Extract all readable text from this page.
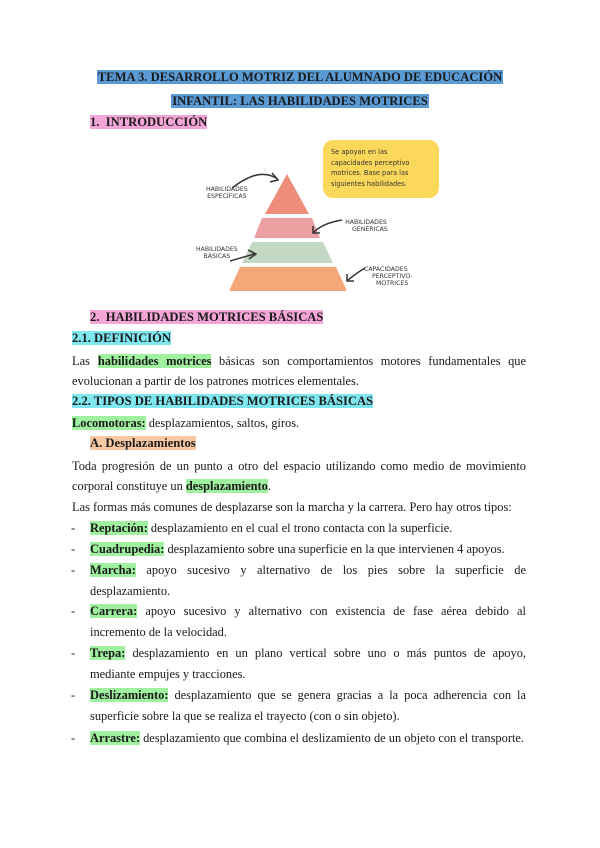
TEMA 3. DESARROLLO MOTRIZ DEL ALUMNADO DE EDUCACIÓN
INFANTIL: LAS HABILIDADES MOTRICES
1. INTRODUCCIÓN
Se apoyan en las
capacidades perceptivo
motrices. Base para las
siguientes habilidades.
HABILIDADES
ESPECÍFICAS
HABILIDADES
GENÉRICAS
HABILIDADES
BÁSICAS
CAPACIDADES
PERCEPTIVO-
MOTRICES
2. HABILIDADES MOTRICES BÁSICAS
2.1. DEFINICIÓN
Las habilidades motrices básicas son comportamientos motores fundamentales que
evolucionan a partir de los patrones motrices elementales.
2.2. TIPOS DE HABILIDADES MOTRICES BÁSICAS
Locomotoras: desplazamientos, saltos, giros.
A. Desplazamientos
Toda progresión de un punto a otro del espacio utilizando como medio de movimiento
corporal constituye un desplazamiento.
Las formas más comunes de desplazarse son la marcha y la carrera. Pero hay otros tipos:
- Reptación: desplazamiento en el cual el trono contacta con la superficie.
- Cuadrupedia: desplazamiento sobre una superficie en la que intervienen 4 apoyos.
- Marcha: apoyo sucesivo y alternativo de los pies sobre la superficie de desplazamiento.
- Carrera: apoyo sucesivo y alternativo con existencia de fase aérea debido al incremento de la velocidad.
- Trepa: desplazamiento en un plano vertical sobre uno o más puntos de apoyo, mediante empujes y tracciones.
- Deslizamiento: desplazamiento que se genera gracias a la poca adherencia con la superficie sobre la que se realiza el trayecto (con o sin objeto).
- Arrastre: desplazamiento que combina el deslizamiento de un objeto con el transporte.
